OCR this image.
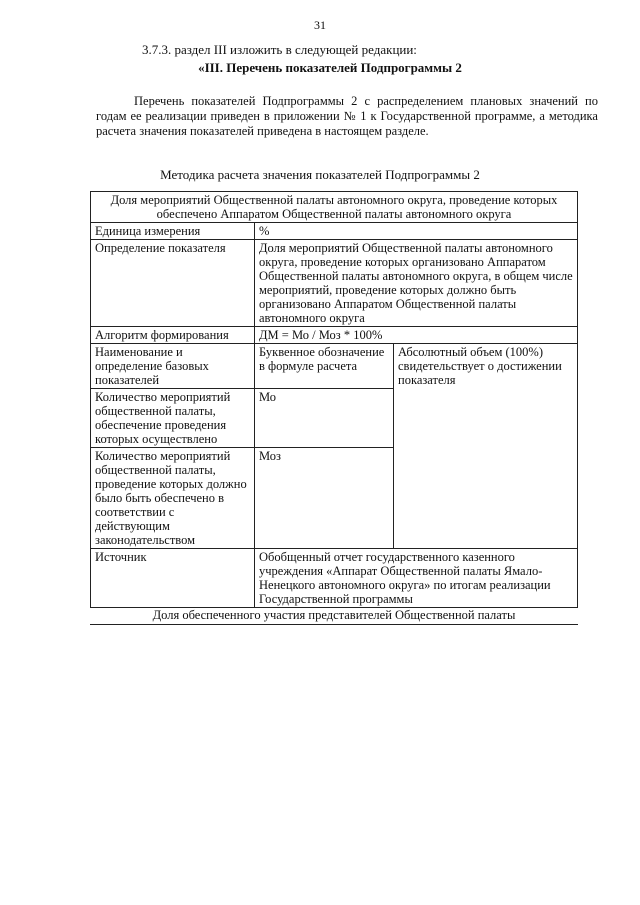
31
3.7.3. раздел III изложить в следующей редакции:
«III. Перечень показателей Подпрограммы 2
Перечень показателей Подпрограммы 2 с распределением плановых значений по годам ее реализации приведен в приложении № 1 к Государственной программе, а методика расчета значения показателей приведена в настоящем разделе.
Методика расчета значения показателей Подпрограммы 2
Доля мероприятий Общественной палаты автономного округа, проведение которых обеспечено Аппаратом Общественной палаты автономного округа		
Единица измерения	%	
Определение показателя	Доля мероприятий Общественной палаты автономного округа, проведение которых организовано Аппаратом Общественной палаты автономного округа, в общем числе мероприятий, проведение которых должно быть организовано Аппаратом Общественной палаты автономного округа	
Алгоритм формирования	ДМ = Мо / Моз * 100%	
Наименование и определение базовых показателей	Буквенное обозначение в формуле расчета	Абсолютный объем (100%) свидетельствует о достижении показателя
Количество мероприятий общественной палаты, обеспечение проведения которых осуществлено	Мо	
Количество мероприятий общественной палаты, проведение которых должно было быть обеспечено в соответствии с действующим законодательством	Моз	
Источник	Обобщенный отчет государственного казенного учреждения «Аппарат Общественной палаты Ямало-Ненецкого автономного округа» по итогам реализации Государственной программы	
Доля обеспеченного участия представителей Общественной палаты
